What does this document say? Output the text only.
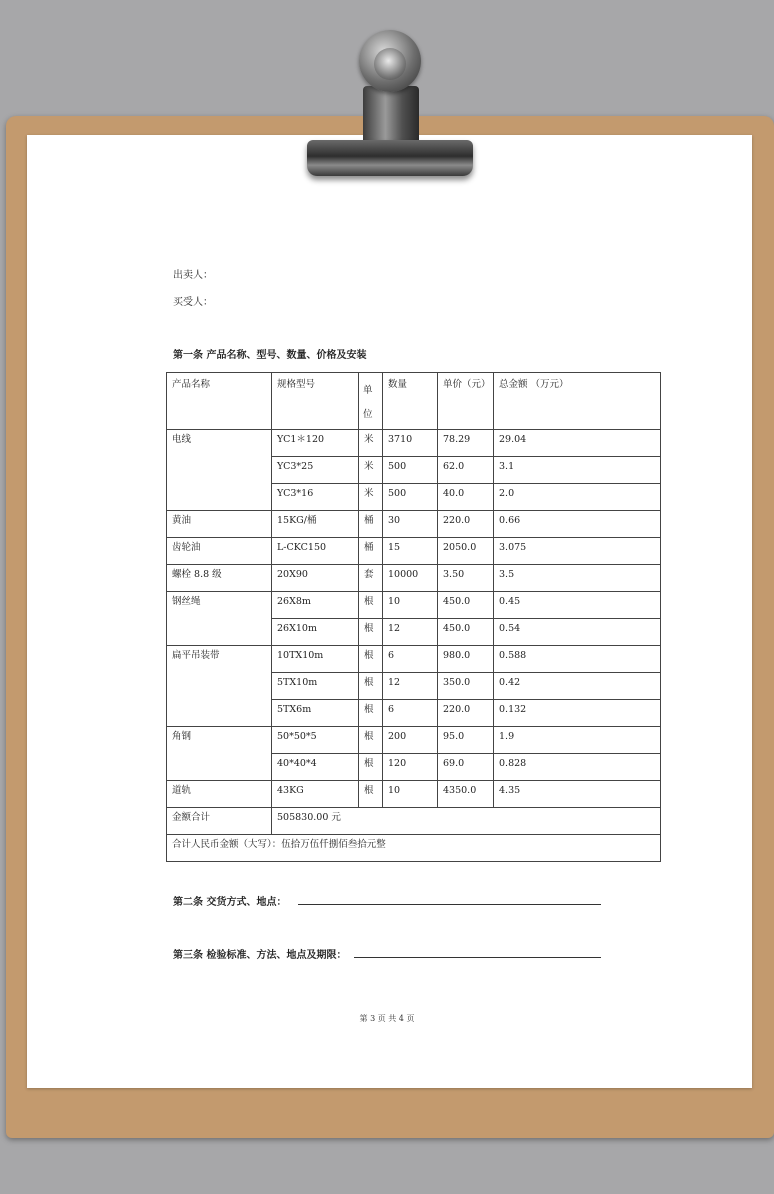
出卖人：
买受人：
第一条 产品名称、型号、数量、价格及安装
产品名称	规格型号	单位	数量	单价（元）	总金额 （万元）
电线	YC1＊120	米	3710	78.29	29.04
	YC3*25	米	500	62.0	3.1
	YC3*16	米	500	40.0	2.0
黄油	15KG/桶	桶	30	220.0	0.66
齿轮油	L-CKC150	桶	15	2050.0	3.075
螺栓 8.8 级	20X90	套	10000	3.50	3.5
钢丝绳	26X8m	根	10	450.0	0.45
	26X10m	根	12	450.0	0.54
扁平吊装带	10TX10m	根	6	980.0	0.588
	5TX10m	根	12	350.0	0.42
	5TX6m	根	6	220.0	0.132
角钢	50*50*5	根	200	95.0	1.9
	40*40*4	根	120	69.0	0.828
道轨	43KG	根	10	4350.0	4.35
金额合计	505830.00 元				
合计人民币金额（大写）：伍拾万伍仟捌佰叁拾元整					
第二条 交货方式、地点：
第三条 检验标准、方法、地点及期限：
第 3 页 共 4 页
